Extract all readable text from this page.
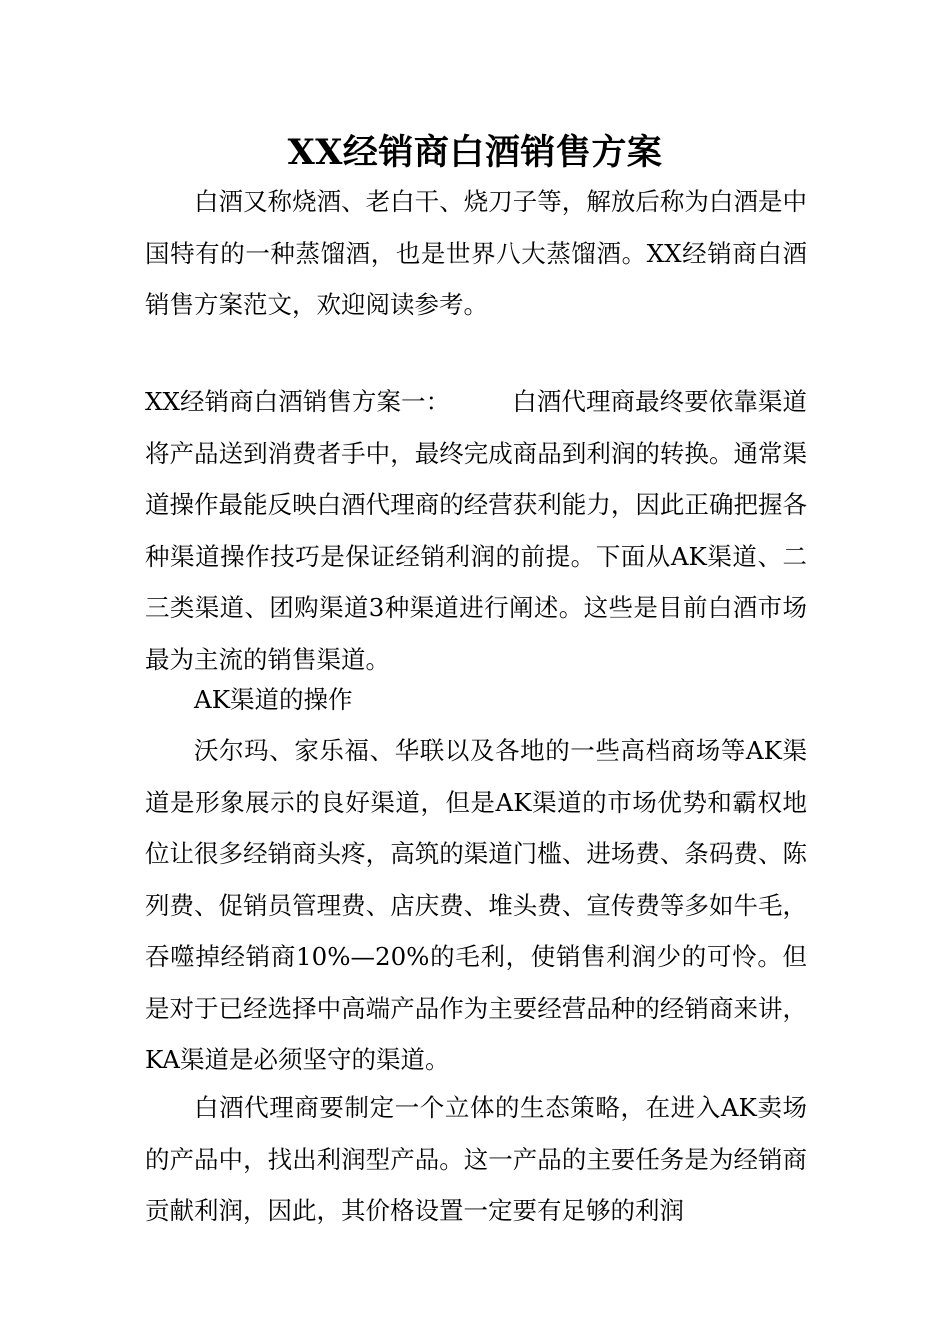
XX经销商白酒销售方案

白酒又称烧酒、老白干、烧刀子等，解放后称为白酒是中国特有的一种蒸馏酒，也是世界八大蒸馏酒。XX经销商白酒销售方案范文，欢迎阅读参考。

XX经销商白酒销售方案一：	白酒代理商最终要依靠渠道将产品送到消费者手中，最终完成商品到利润的转换。通常渠道操作最能反映白酒代理商的经营获利能力，因此正确把握各种渠道操作技巧是保证经销利润的前提。下面从AK渠道、二三类渠道、团购渠道3种渠道进行阐述。这些是目前白酒市场最为主流的销售渠道。

AK渠道的操作

沃尔玛、家乐福、华联以及各地的一些高档商场等AK渠道是形象展示的良好渠道，但是AK渠道的市场优势和霸权地位让很多经销商头疼，高筑的渠道门槛、进场费、条码费、陈列费、促销员管理费、店庆费、堆头费、宣传费等多如牛毛，吞噬掉经销商10%—20%的毛利，使销售利润少的可怜。但是对于已经选择中高端产品作为主要经营品种的经销商来讲，KA渠道是必须坚守的渠道。

白酒代理商要制定一个立体的生态策略，在进入AK卖场的产品中，找出利润型产品。这一产品的主要任务是为经销商贡献利润，因此，其价格设置一定要有足够的利润
